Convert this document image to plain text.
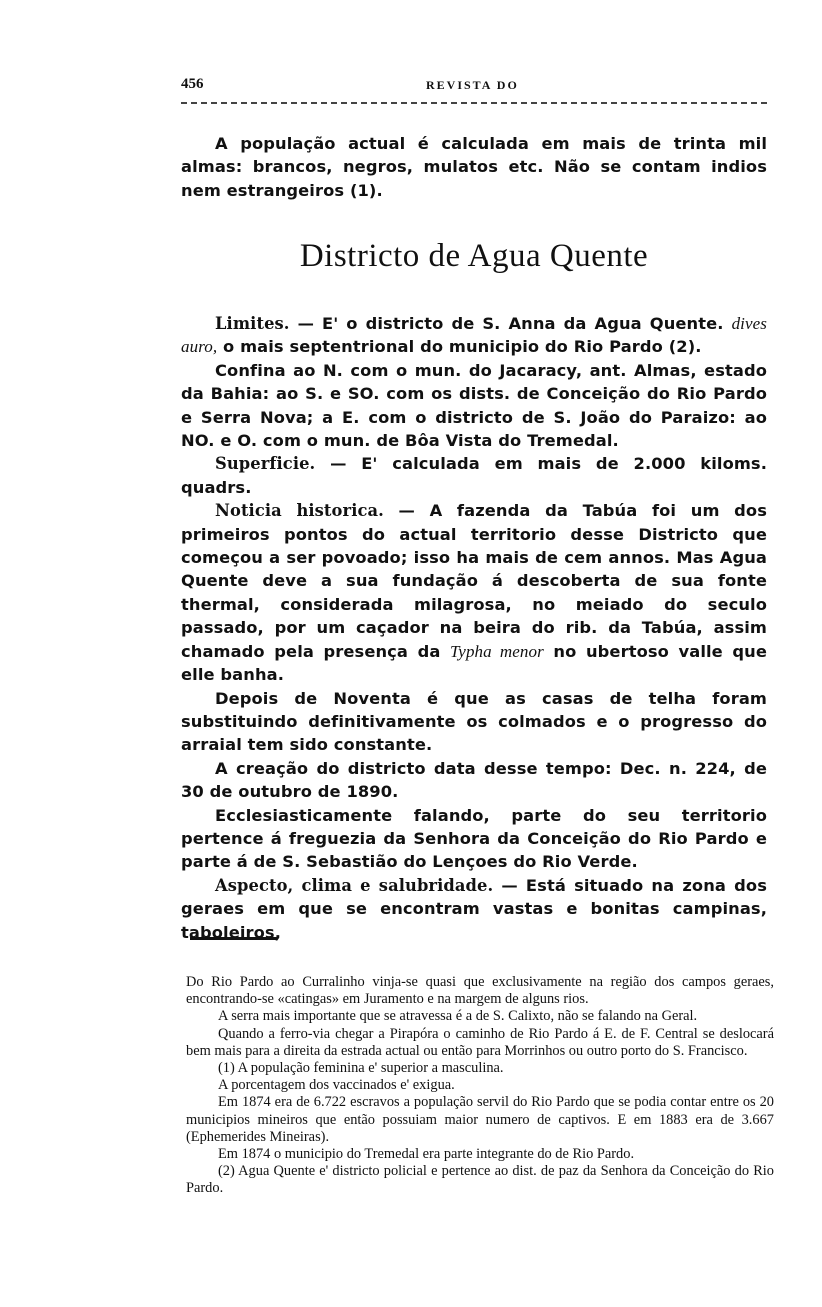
456	REVISTA DO

A população actual é calculada em mais de trinta mil almas: brancos, negros, mulatos etc. Não se contam indios nem estrangeiros (1).

Districto de Agua Quente

Limites. — E' o districto de S. Anna da Agua Quente. dives auro, o mais septentrional do municipio do Rio Pardo (2).

Confina ao N. com o mun. do Jacaracy, ant. Almas, estado da Bahia: ao S. e SO. com os dists. de Conceição do Rio Pardo e Serra Nova; a E. com o districto de S. João do Paraizo: ao NO. e O. com o mun. de Bôa Vista do Tremedal.

Superficie. — E' calculada em mais de 2.000 kiloms. quadrs.

Noticia historica. — A fazenda da Tabúa foi um dos primeiros pontos do actual territorio desse Districto que começou a ser povoado; isso ha mais de cem annos. Mas Agua Quente deve a sua fundação á descoberta de sua fonte thermal, considerada milagrosa, no meiado do seculo passado, por um caçador na beira do rib. da Tabúa, assim chamado pela presença da Typha menor no ubertoso valle que elle banha.

Depois de Noventa é que as casas de telha foram substituindo definitivamente os colmados e o progresso do arraial tem sido constante.

A creação do districto data desse tempo: Dec. n. 224, de 30 de outubro de 1890.

Ecclesiasticamente falando, parte do seu territorio pertence á freguezia da Senhora da Conceição do Rio Pardo e parte á de S. Sebastião do Lençoes do Rio Verde.

Aspecto, clima e salubridade. — Está situado na zona dos geraes em que se encontram vastas e bonitas campinas, taboleiros,

Do Rio Pardo ao Curralinho vinja-se quasi que exclusivamente na região dos campos geraes, encontrando-se «catingas» em Juramento e na margem de alguns rios.

A serra mais importante que se atravessa é a de S. Calixto, não se falando na Geral.

Quando a ferro-via chegar a Pirapóra o caminho de Rio Pardo á E. de F. Central se deslocará bem mais para a direita da estrada actual ou então para Morrinhos ou outro porto do S. Francisco.

(1) A população feminina e' superior a masculina.

A porcentagem dos vaccinados e' exigua.

Em 1874 era de 6.722 escravos a população servil do Rio Pardo que se podia contar entre os 20 municipios mineiros que então possuiam maior numero de captivos. E em 1883 era de 3.667 (Ephemerides Mineiras).

Em 1874 o municipio do Tremedal era parte integrante do de Rio Pardo.

(2) Agua Quente e' districto policial e pertence ao dist. de paz da Senhora da Conceição do Rio Pardo.
